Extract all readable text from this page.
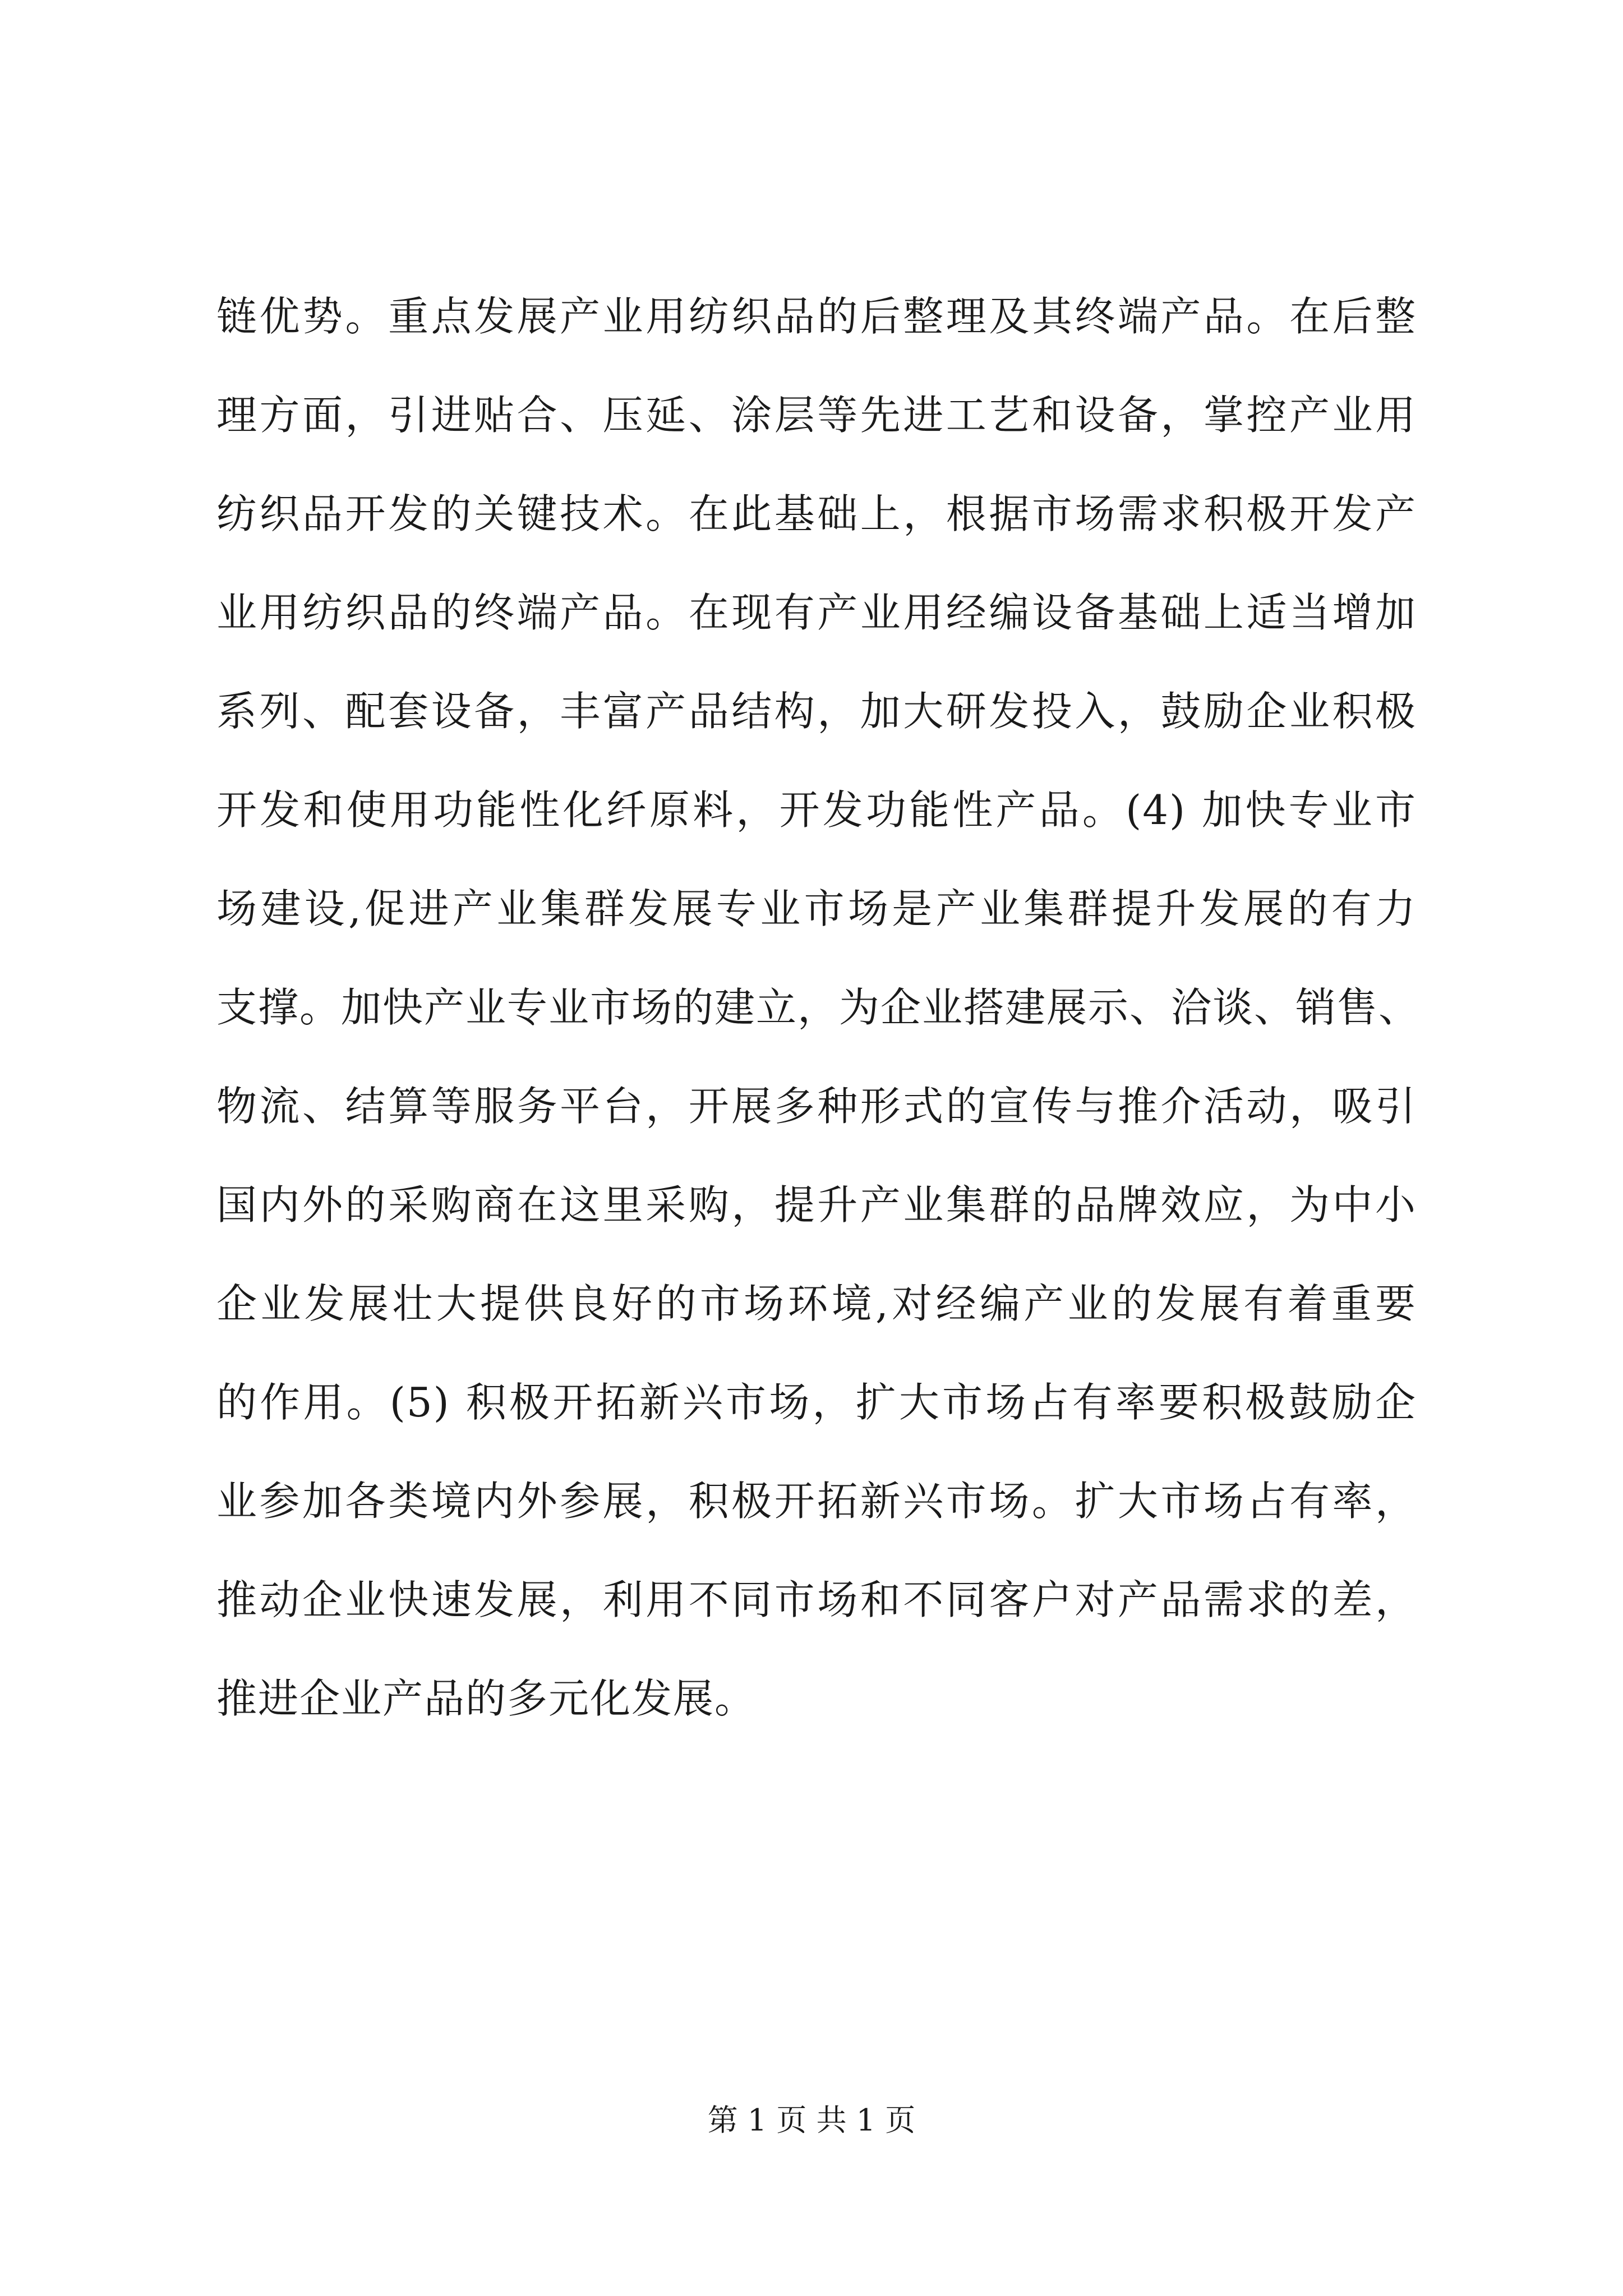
链优势。重点发展产业用纺织品的后整理及其终端产品。在后整
理方面，引进贴合、压延、涂层等先进工艺和设备，掌控产业用
纺织品开发的关键技术。在此基础上，根据市场需求积极开发产
业用纺织品的终端产品。在现有产业用经编设备基础上适当增加
系列、配套设备，丰富产品结构，加大研发投入，鼓励企业积极
开发和使用功能性化纤原料，开发功能性产品。(4) 加快专业市
场建设,促进产业集群发展专业市场是产业集群提升发展的有力
支撑。加快产业专业市场的建立，为企业搭建展示、洽谈、销售、
物流、结算等服务平台，开展多种形式的宣传与推介活动，吸引
国内外的采购商在这里采购，提升产业集群的品牌效应，为中小
企业发展壮大提供良好的市场环境,对经编产业的发展有着重要
的作用。(5) 积极开拓新兴市场，扩大市场占有率要积极鼓励企
业参加各类境内外参展，积极开拓新兴市场。扩大市场占有率，
推动企业快速发展，利用不同市场和不同客户对产品需求的差，
推进企业产品的多元化发展。
第 1 页 共 1 页
